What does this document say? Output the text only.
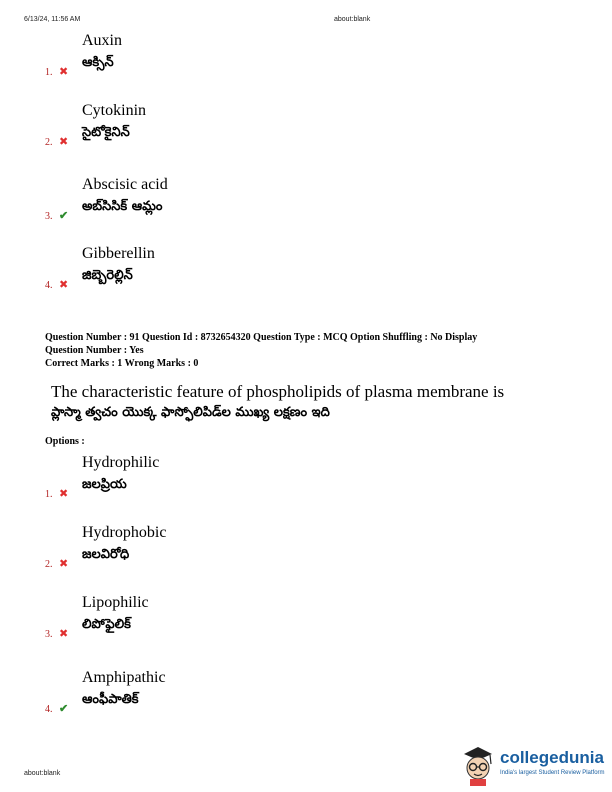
6/13/24, 11:56 AM	about:blank
Auxin
ఆక్సిన్
1. ✖
Cytokinin
సైటోకైనిన్
2. ✖
Abscisic acid
అబ్‌సిసిక్ ఆమ్లం
3. ✔
Gibberellin
జిబ్బెరెల్లిన్
4. ✖
Question Number : 91 Question Id : 8732654320 Question Type : MCQ Option Shuffling : No Display
Question Number : Yes
Correct Marks : 1 Wrong Marks : 0
The characteristic feature of phospholipids of plasma membrane is
ప్లాస్మా త్వచం యొక్క ఫాస్ఫోలిపిడ్‌ల ముఖ్య లక్షణం ఇది
Options :
Hydrophilic
జలప్రియ
1. ✖
Hydrophobic
జలవిరోధి
2. ✖
Lipophilic
లిపోఫైలిక్
3. ✖
Amphipathic
ఆంఫీపాతిక్
4. ✔
about:blank
collegedunia
India's largest Student Review Platform
